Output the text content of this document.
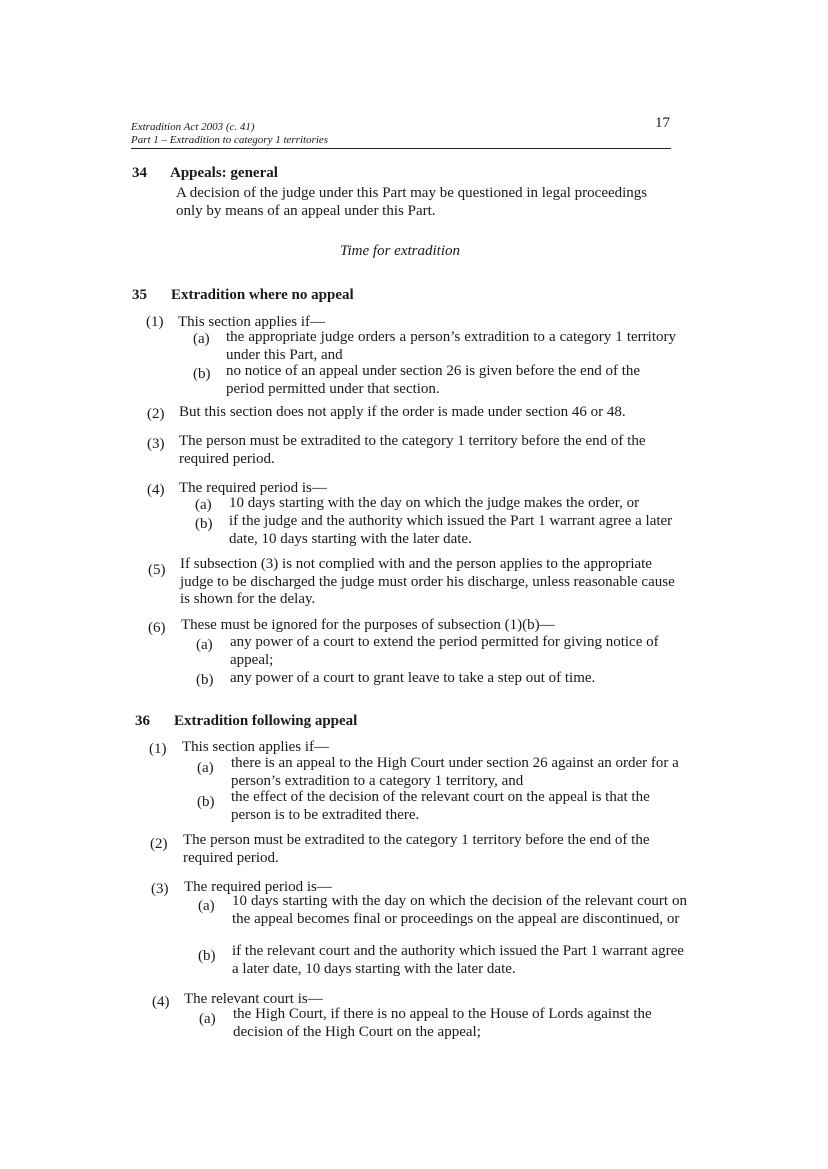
Extradition Act 2003 (c. 41)
Part 1 – Extradition to category 1 territories
17
34 Appeals: general
A decision of the judge under this Part may be questioned in legal proceedings only by means of an appeal under this Part.
Time for extradition
35 Extradition where no appeal
(1) This section applies if—
(a) the appropriate judge orders a person’s extradition to a category 1 territory under this Part, and
(b) no notice of an appeal under section 26 is given before the end of the period permitted under that section.
(2) But this section does not apply if the order is made under section 46 or 48.
(3) The person must be extradited to the category 1 territory before the end of the required period.
(4) The required period is—
(a) 10 days starting with the day on which the judge makes the order, or
(b) if the judge and the authority which issued the Part 1 warrant agree a later date, 10 days starting with the later date.
(5) If subsection (3) is not complied with and the person applies to the appropriate judge to be discharged the judge must order his discharge, unless reasonable cause is shown for the delay.
(6) These must be ignored for the purposes of subsection (1)(b)—
(a) any power of a court to extend the period permitted for giving notice of appeal;
(b) any power of a court to grant leave to take a step out of time.
36 Extradition following appeal
(1) This section applies if—
(a) there is an appeal to the High Court under section 26 against an order for a person’s extradition to a category 1 territory, and
(b) the effect of the decision of the relevant court on the appeal is that the person is to be extradited there.
(2) The person must be extradited to the category 1 territory before the end of the required period.
(3) The required period is—
(a) 10 days starting with the day on which the decision of the relevant court on the appeal becomes final or proceedings on the appeal are discontinued, or
(b) if the relevant court and the authority which issued the Part 1 warrant agree a later date, 10 days starting with the later date.
(4) The relevant court is—
(a) the High Court, if there is no appeal to the House of Lords against the decision of the High Court on the appeal;
